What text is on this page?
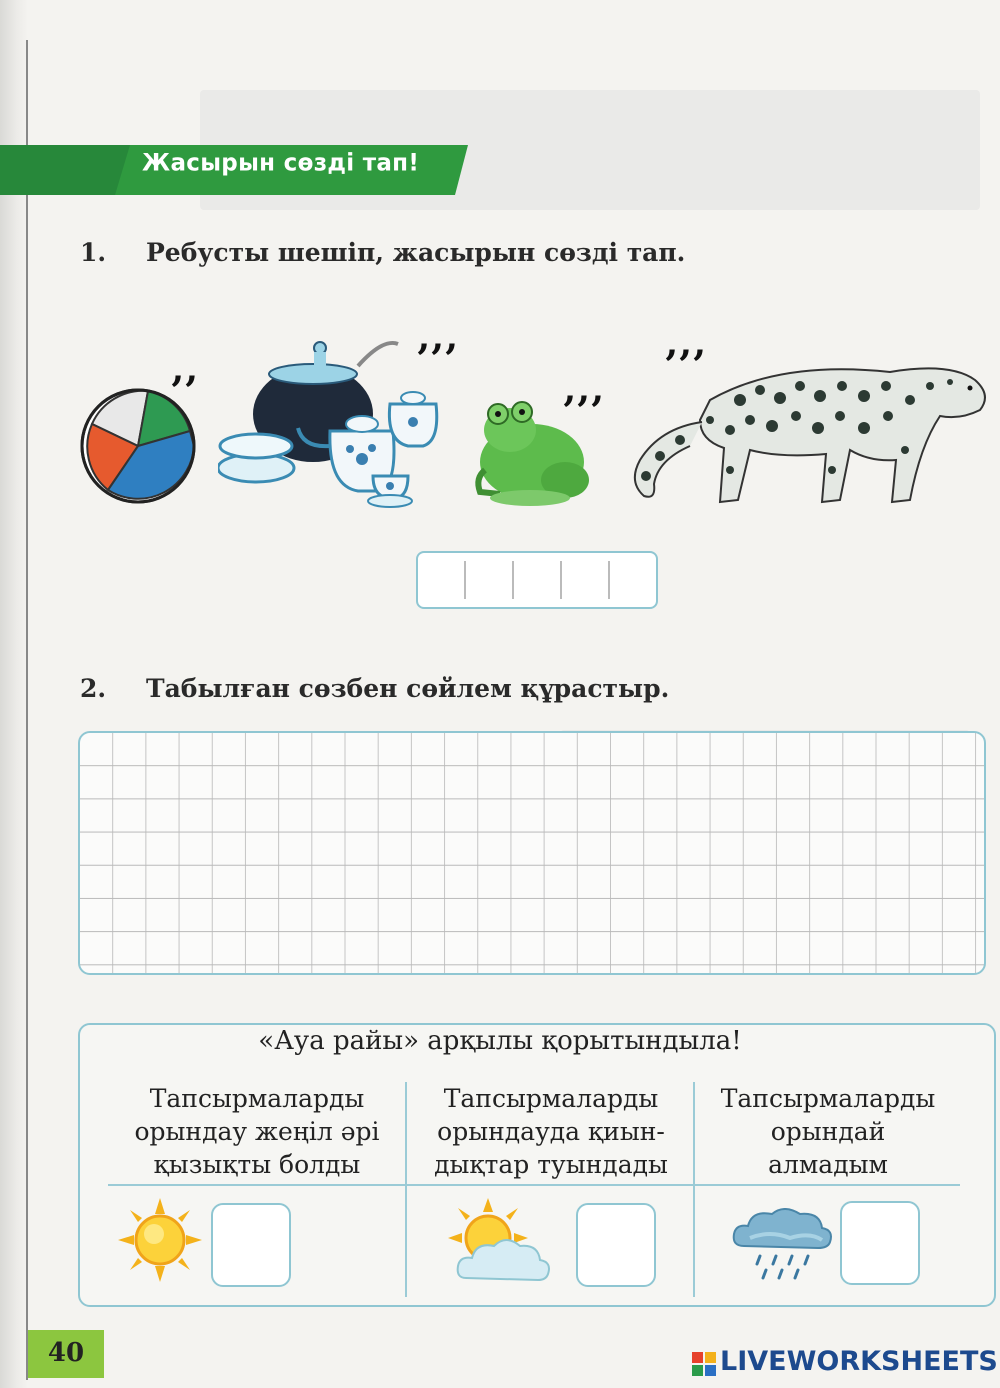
Жасырын сөзді тап!
1. Ребусты шешіп, жасырын сөзді тап.
’’
’’’
’’’
’’’
2. Табылған сөзбен сөйлем құрастыр.
«Ауа райы» арқылы қорытындыла!
Тапсырмаларды
орындау жеңіл әрі
қызықты болды
Тапсырмаларды
орындауда қиын-
дықтар туындады
Тапсырмаларды
орындай
алмадым
40	LIVEWORKSHEETS
